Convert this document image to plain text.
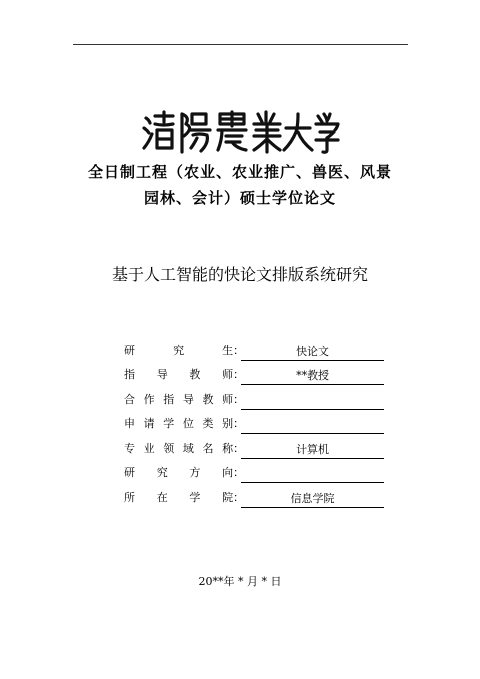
全日制工程（农业、农业推广、兽医、风景
园林、会计）硕士学位论文
基于人工智能的快论文排版系统研究
研	究	生 ：	快论文
指 导 教 师 ：	**教授
合 作 指 导 教 师 ：
申 请 学 位 类 别 ：
专 业 领 域 名 称 ：	计算机
研 究 方 向 ：
所 在 学 院 ：	信息学院
20**年 * 月 * 日
